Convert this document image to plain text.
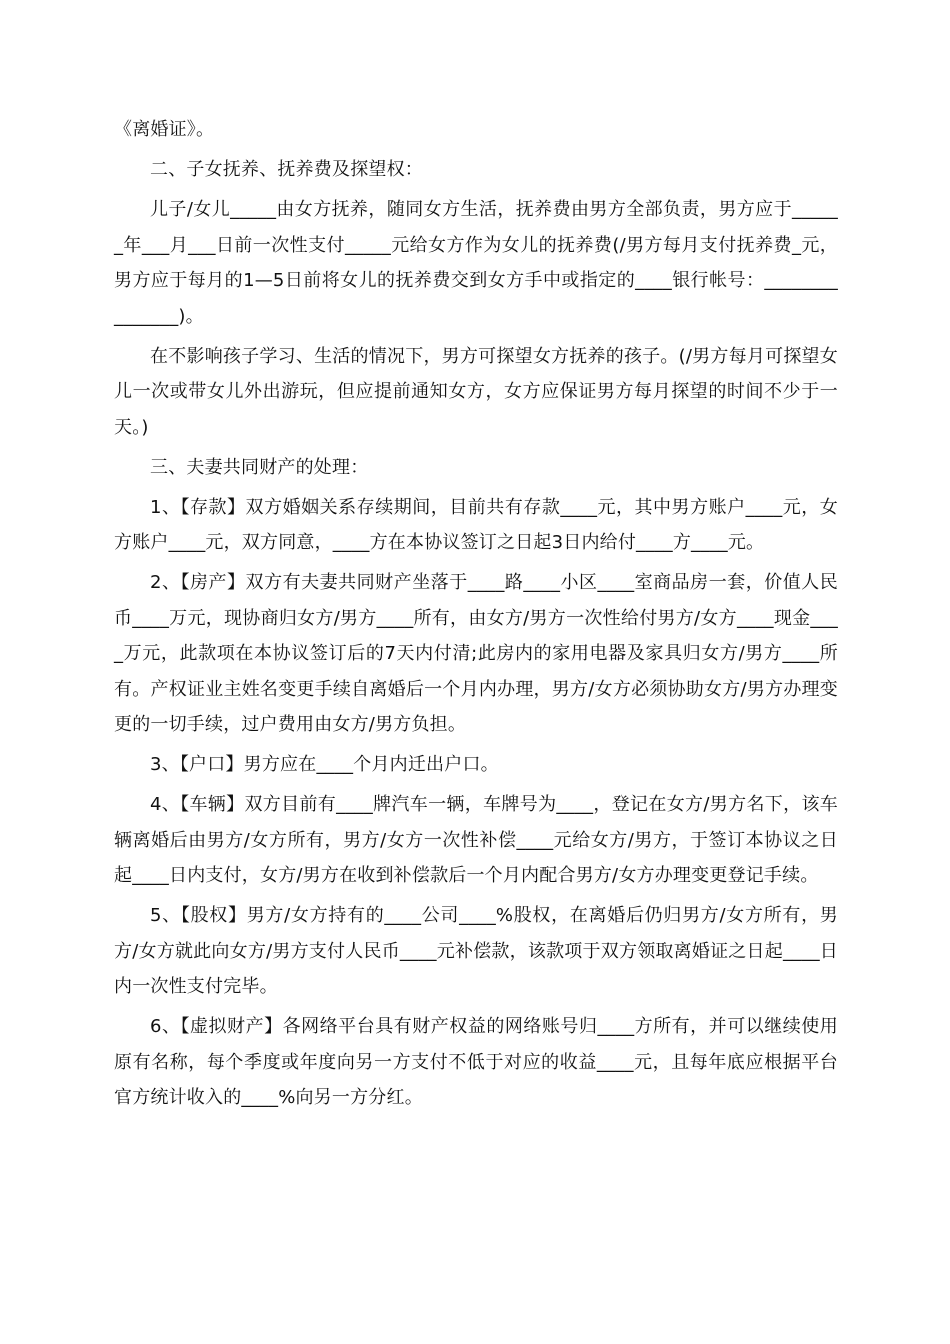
《离婚证》。

二、子女抚养、抚养费及探望权：

儿子/女儿_____由女方抚养，随同女方生活，抚养费由男方全部负责，男方应于______年___月___日前一次性支付_____元给女方作为女儿的抚养费(/男方每月支付抚养费_元，男方应于每月的1—5日前将女儿的抚养费交到女方手中或指定的____银行帐号：_______________)。

在不影响孩子学习、生活的情况下，男方可探望女方抚养的孩子。(/男方每月可探望女儿一次或带女儿外出游玩，但应提前通知女方，女方应保证男方每月探望的时间不少于一天。)

三、夫妻共同财产的处理：

1、【存款】双方婚姻关系存续期间，目前共有存款____元，其中男方账户____元，女方账户____元，双方同意，____方在本协议签订之日起3日内给付____方____元。

2、【房产】双方有夫妻共同财产坐落于____路____小区____室商品房一套，价值人民币____万元，现协商归女方/男方____所有，由女方/男方一次性给付男方/女方____现金____万元，此款项在本协议签订后的7天内付清;此房内的家用电器及家具归女方/男方____所有。产权证业主姓名变更手续自离婚后一个月内办理，男方/女方必须协助女方/男方办理变更的一切手续，过户费用由女方/男方负担。

3、【户口】男方应在____个月内迁出户口。

4、【车辆】双方目前有____牌汽车一辆，车牌号为____，登记在女方/男方名下，该车辆离婚后由男方/女方所有，男方/女方一次性补偿____元给女方/男方，于签订本协议之日起____日内支付，女方/男方在收到补偿款后一个月内配合男方/女方办理变更登记手续。

5、【股权】男方/女方持有的____公司____%股权，在离婚后仍归男方/女方所有，男方/女方就此向女方/男方支付人民币____元补偿款，该款项于双方领取离婚证之日起____日内一次性支付完毕。

6、【虚拟财产】各网络平台具有财产权益的网络账号归____方所有，并可以继续使用原有名称，每个季度或年度向另一方支付不低于对应的收益____元，且每年底应根据平台官方统计收入的____%向另一方分红。
